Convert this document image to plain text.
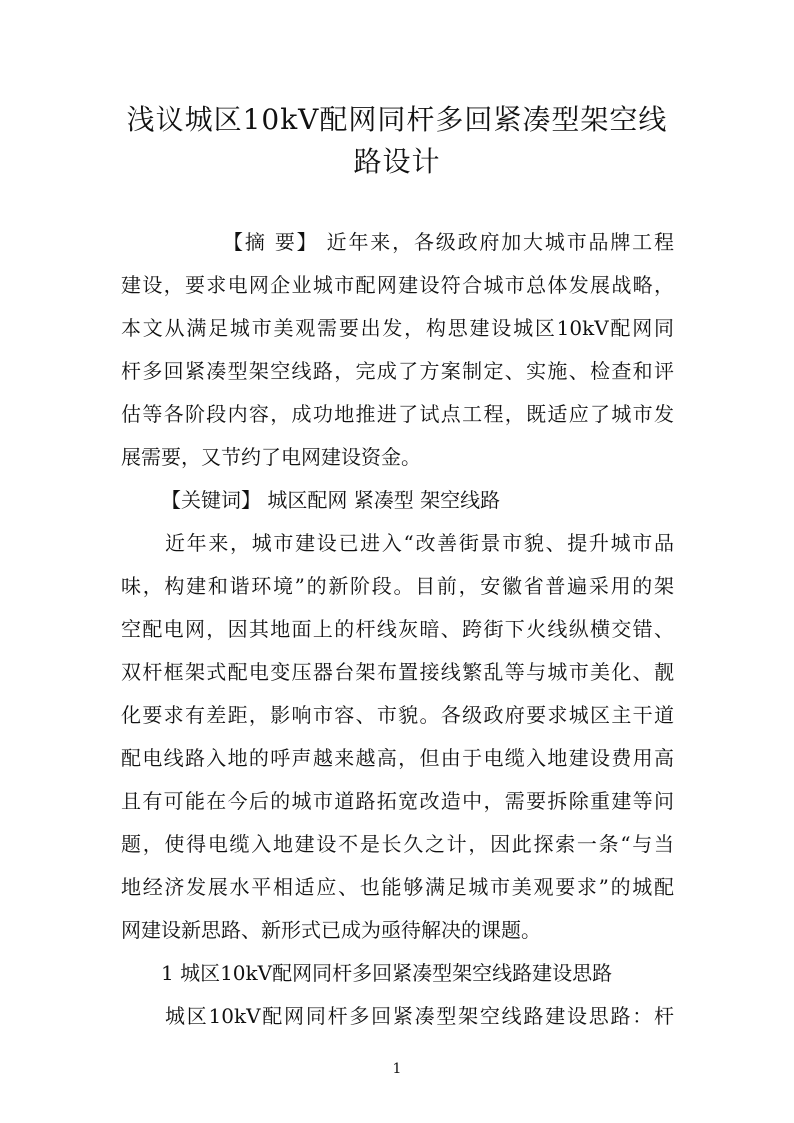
浅议城区10kV配网同杆多回紧凑型架空线
路设计

【摘 要】 近年来，各级政府加大城市品牌工程

建设，要求电网企业城市配网建设符合城市总体发展战略，

本文从满足城市美观需要出发，构思建设城区10kV配网同

杆多回紧凑型架空线路，完成了方案制定、实施、检查和评

估等各阶段内容，成功地推进了试点工程，既适应了城市发

展需要，又节约了电网建设资金。

【关键词】 城区配网 紧凑型 架空线路

近年来，城市建设已进入“改善街景市貌、提升城市品

味，构建和谐环境”的新阶段。目前，安徽省普遍采用的架

空配电网，因其地面上的杆线灰暗、跨街下火线纵横交错、

双杆框架式配电变压器台架布置接线繁乱等与城市美化、靓

化要求有差距，影响市容、市貌。各级政府要求城区主干道

配电线路入地的呼声越来越高，但由于电缆入地建设费用高

且有可能在今后的城市道路拓宽改造中，需要拆除重建等问

题，使得电缆入地建设不是长久之计，因此探索一条“与当

地经济发展水平相适应、也能够满足城市美观要求”的城配

网建设新思路、新形式已成为亟待解决的课题。

1 城区10kV配网同杆多回紧凑型架空线路建设思路

城区10kV配网同杆多回紧凑型架空线路建设思路：杆

1
